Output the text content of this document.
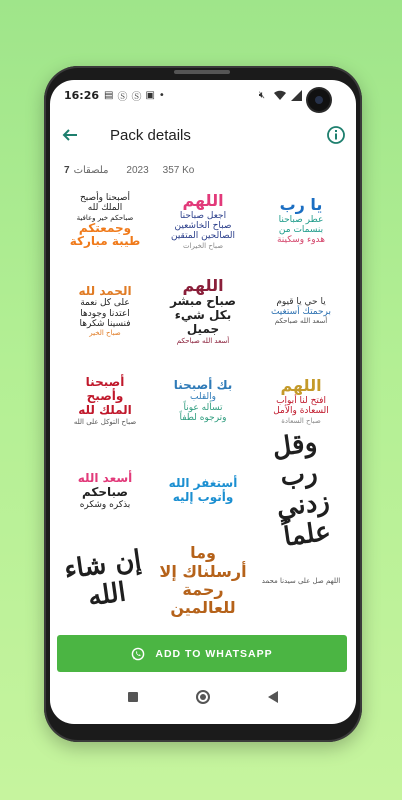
16:26 ▤ Ⓢ Ⓢ ▣ •	🔇︎
Pack details
7 ملصقات 2023 357 Ko
أصبحنا وأصبح
الملك لله
صباحكم خير وعافية
وجمعتكم
طيبة مباركة
اللهم
اجعل صباحنا
صباح الخاشعين
الصالحين المتقين
صباح الخيرات
يا رب
عطر صباحنا
بنسمات من
هدوء وسكينة
الحمد لله
على كل نعمة
اعتدنا وجودها
فنسينا شكرها
صباح الخير
اللهم
صباح مبشر
بكل شيء جميل
أسعد الله صباحكم
يا حي يا قيوم
برحمتك أستغيث
أسعد الله صباحكم
أصبحنا
وأصبح
الملك لله
صباح التوكل على الله
بك أصبحنا
والقلب
تسأله عوناً
وترجوه لطفاً
اللهم
افتح لنا أبواب
السعادة والأمل
صباح السعادة
أسعد الله
صباحكم
بذكره وشكره
أستغفر الله
وأتوب إليه
وقل رب زدني علماً
إن شاء الله
وما أرسلناك إلا
رحمة للعالمين
اللهم صل على سيدنا محمد
ADD TO WHATSAPP
